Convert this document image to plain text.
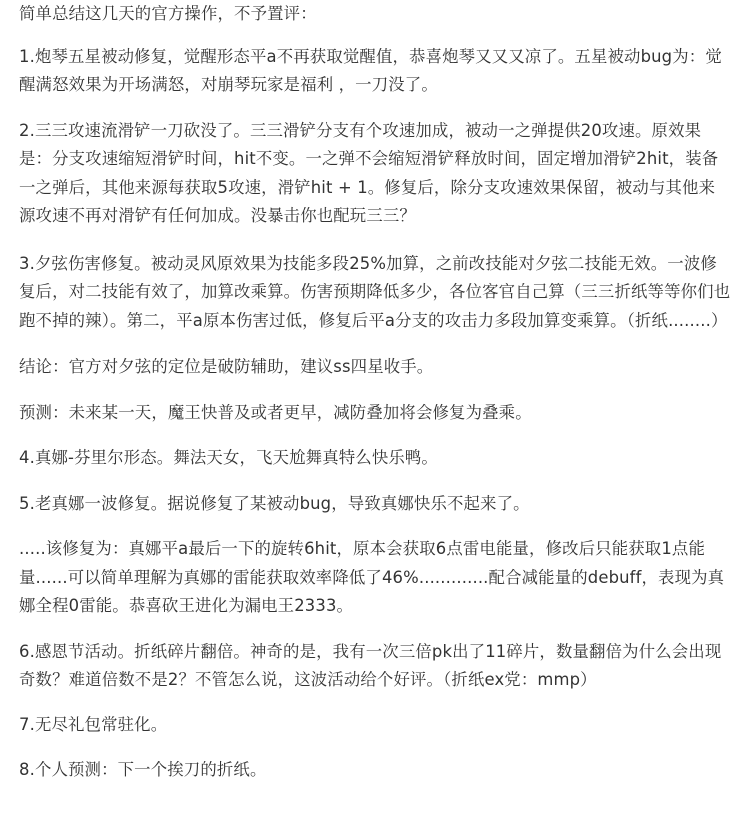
简单总结这几天的官方操作，不予置评：

1.炮琴五星被动修复，觉醒形态平a不再获取觉醒值，恭喜炮琴又又又凉了。五星被动bug为：觉醒满怒效果为开场满怒，对崩琴玩家是福利 ，一刀没了。

2.三三攻速流滑铲一刀砍没了。三三滑铲分支有个攻速加成，被动一之弹提供20攻速。原效果是：分支攻速缩短滑铲时间，hit不变。一之弹不会缩短滑铲释放时间，固定增加滑铲2hit，装备一之弹后，其他来源每获取5攻速，滑铲hit + 1。修复后，除分支攻速效果保留，被动与其他来源攻速不再对滑铲有任何加成。没暴击你也配玩三三？

3.夕弦伤害修复。被动灵风原效果为技能多段25%加算，之前改技能对夕弦二技能无效。一波修复后，对二技能有效了，加算改乘算。伤害预期降低多少，各位客官自己算（三三折纸等等你们也跑不掉的辣）。第二，平a原本伤害过低，修复后平a分支的攻击力多段加算变乘算。（折纸........）

结论：官方对夕弦的定位是破防辅助，建议ss四星收手。

预测：未来某一天，魔王快普及或者更早，减防叠加将会修复为叠乘。

4.真娜-芬里尔形态。舞法天女，飞天尬舞真特么快乐鸭。

5.老真娜一波修复。据说修复了某被动bug，导致真娜快乐不起来了。

.....该修复为：真娜平a最后一下的旋转6hit，原本会获取6点雷电能量，修改后只能获取1点能量......可以简单理解为真娜的雷能获取效率降低了46%.............配合减能量的debuff，表现为真娜全程0雷能。恭喜砍王进化为漏电王2333。

6.感恩节活动。折纸碎片翻倍。神奇的是，我有一次三倍pk出了11碎片，数量翻倍为什么会出现奇数？难道倍数不是2？不管怎么说，这波活动给个好评。（折纸ex党：mmp）

7.无尽礼包常驻化。

8.个人预测：下一个挨刀的折纸。
